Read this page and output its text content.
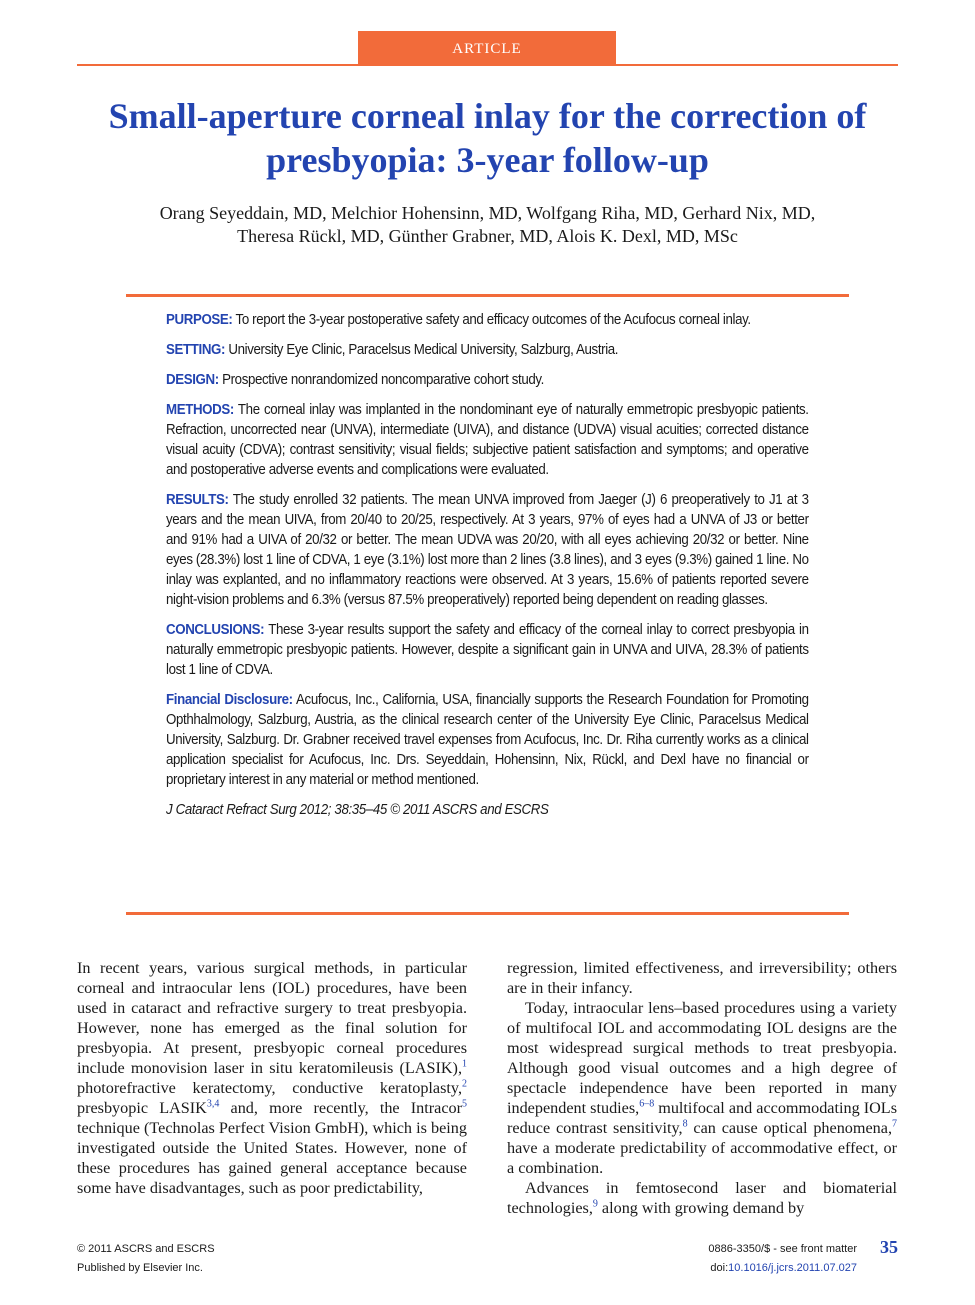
ARTICLE
Small-aperture corneal inlay for the correction of presbyopia: 3-year follow-up
Orang Seyeddain, MD, Melchior Hohensinn, MD, Wolfgang Riha, MD, Gerhard Nix, MD,
Theresa Rückl, MD, Günther Grabner, MD, Alois K. Dexl, MD, MSc

PURPOSE: To report the 3-year postoperative safety and efficacy outcomes of the Acufocus corneal inlay.

SETTING: University Eye Clinic, Paracelsus Medical University, Salzburg, Austria.

DESIGN: Prospective nonrandomized noncomparative cohort study.

METHODS: The corneal inlay was implanted in the nondominant eye of naturally emmetropic presbyopic patients. Refraction, uncorrected near (UNVA), intermediate (UIVA), and distance (UDVA) visual acuities; corrected distance visual acuity (CDVA); contrast sensitivity; visual fields; subjective patient satisfaction and symptoms; and operative and postoperative adverse events and complications were evaluated.

RESULTS: The study enrolled 32 patients. The mean UNVA improved from Jaeger (J) 6 preoperatively to J1 at 3 years and the mean UIVA, from 20/40 to 20/25, respectively. At 3 years, 97% of eyes had a UNVA of J3 or better and 91% had a UIVA of 20/32 or better. The mean UDVA was 20/20, with all eyes achieving 20/32 or better. Nine eyes (28.3%) lost 1 line of CDVA, 1 eye (3.1%) lost more than 2 lines (3.8 lines), and 3 eyes (9.3%) gained 1 line. No inlay was explanted, and no inflammatory reactions were observed. At 3 years, 15.6% of patients reported severe night-vision problems and 6.3% (versus 87.5% preoperatively) reported being dependent on reading glasses.

CONCLUSIONS: These 3-year results support the safety and efficacy of the corneal inlay to correct presbyopia in naturally emmetropic presbyopic patients. However, despite a significant gain in UNVA and UIVA, 28.3% of patients lost 1 line of CDVA.

Financial Disclosure: Acufocus, Inc., California, USA, financially supports the Research Foundation for Promoting Opthhalmology, Salzburg, Austria, as the clinical research center of the University Eye Clinic, Paracelsus Medical University, Salzburg. Dr. Grabner received travel expenses from Acufocus, Inc. Dr. Riha currently works as a clinical application specialist for Acufocus, Inc. Drs. Seyeddain, Hohensinn, Nix, Rückl, and Dexl have no financial or proprietary interest in any material or method mentioned.

J Cataract Refract Surg 2012; 38:35–45 © 2011 ASCRS and ESCRS

In recent years, various surgical methods, in particular corneal and intraocular lens (IOL) procedures, have been used in cataract and refractive surgery to treat presbyopia. However, none has emerged as the final solution for presbyopia. At present, presbyopic corneal procedures include monovision laser in situ keratomileusis (LASIK),$^1$ photorefractive keratectomy, conductive keratoplasty,$^2$ presbyopic LASIK$^{3,4}$ and, more recently, the Intracor$^5$ technique (Technolas Perfect Vision GmbH), which is being investigated outside the United States. However, none of these procedures has gained general acceptance because some have disadvantages, such as poor predictability,

regression, limited effectiveness, and irreversibility; others are in their infancy.

Today, intraocular lens–based procedures using a variety of multifocal IOL and accommodating IOL designs are the most widespread surgical methods to treat presbyopia. Although good visual outcomes and a high degree of spectacle independence have been reported in many independent studies,$^{6-8}$ multifocal and accommodating IOLs reduce contrast sensitivity,$^8$ can cause optical phenomena,$^7$ have a moderate predictability of accommodative effect, or a combination.

Advances in femtosecond laser and biomaterial technologies,$^9$ along with growing demand by

© 2011 ASCRS and ESCRS
Published by Elsevier Inc.
0886-3350/$ - see front matter
doi:10.1016/j.jcrs.2011.07.027
35
